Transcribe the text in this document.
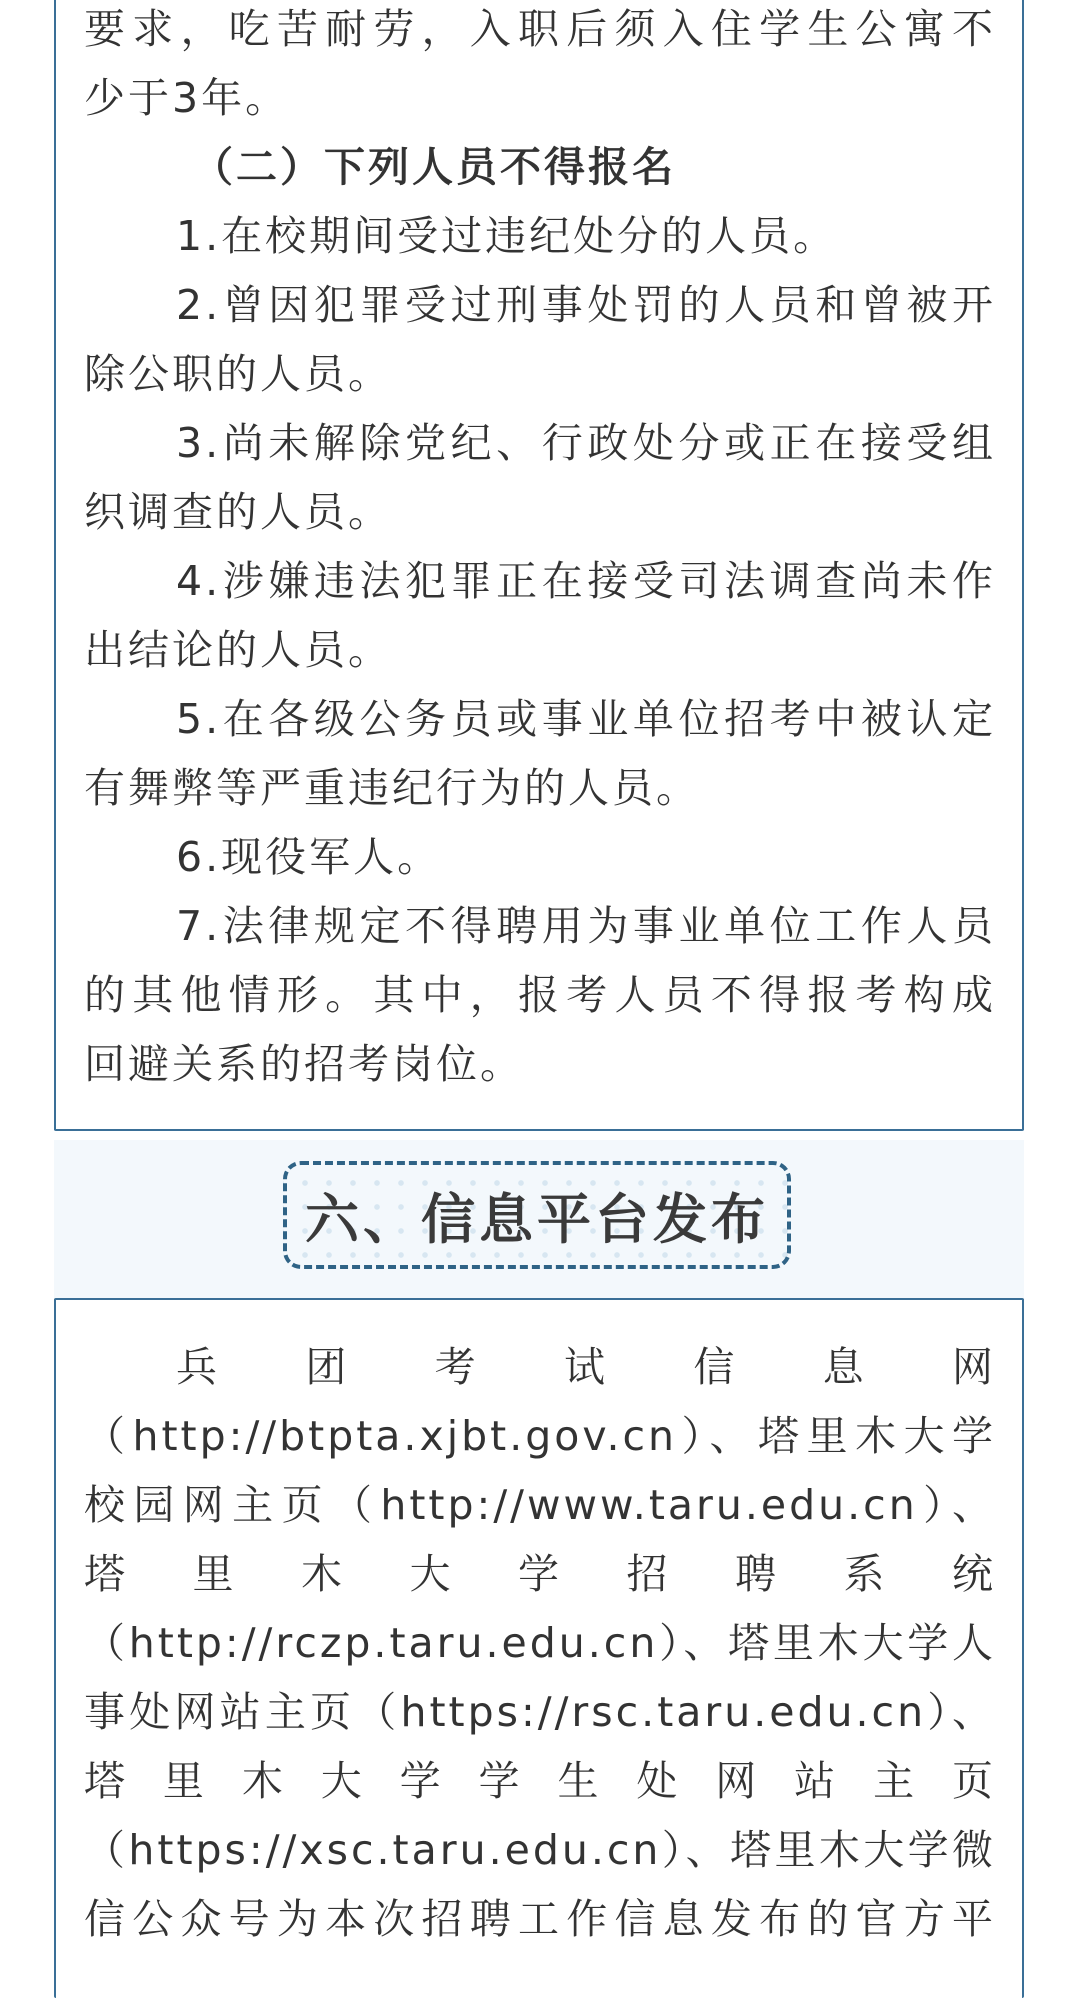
要求，吃苦耐劳，入职后须入住学生公寓不
少于3年。
（二）下列人员不得报名
1.在校期间受过违纪处分的人员。
2.曾因犯罪受过刑事处罚的人员和曾被开
除公职的人员。
3.尚未解除党纪、行政处分或正在接受组
织调查的人员。
4.涉嫌违法犯罪正在接受司法调查尚未作
出结论的人员。
5.在各级公务员或事业单位招考中被认定
有舞弊等严重违纪行为的人员。
6.现役军人。
7.法律规定不得聘用为事业单位工作人员
的其他情形。其中，报考人员不得报考构成
回避关系的招考岗位。
六、信息平台发布
兵团考试信息网
（http://btpta.xjbt.gov.cn）、塔里木大学
校园网主页（http://www.taru.edu.cn）、
塔里木大学招聘系统
（http://rczp.taru.edu.cn）、塔里木大学人
事处网站主页（https://rsc.taru.edu.cn）、
塔里木大学学生处网站主页
（https://xsc.taru.edu.cn）、塔里木大学微
信公众号为本次招聘工作信息发布的官方平
